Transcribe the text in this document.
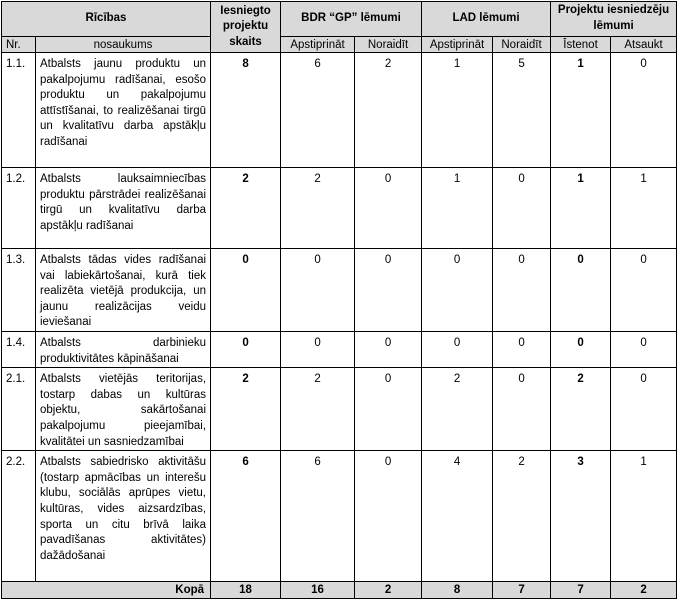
Rīcības		Iesniegto projektu skaits	BDR “GP” lēmumi		LAD lēmumi		Projektu iesniedzēju lēmumi	
Nr.	nosaukums		Apstiprināt	Noraidīt	Apstiprināt	Noraidīt	Īstenot	Atsaukt
1.1.	Atbalsts jaunu produktu un pakalpojumu radīšanai, esošo produktu un pakalpojumu attīstīšanai, to realizēšanai tirgū un kvalitatīvu darba apstākļu radīšanai	8	6	2	1	5	1	0
1.2.	Atbalsts lauksaimniecības produktu pārstrādei realizēšanai tirgū un kvalitatīvu darba apstākļu radīšanai	2	2	0	1	0	1	1
1.3.	Atbalsts tādas vides radīšanai vai labiekārtošanai, kurā tiek realizēta vietējā produkcija, un jaunu realizācijas veidu ieviešanai	0	0	0	0	0	0	0
1.4.	Atbalsts darbinieku produktivitātes kāpināšanai	0	0	0	0	0	0	0
2.1.	Atbalsts vietējās teritorijas, tostarp dabas un kultūras objektu, sakārtošanai pakalpojumu pieejamībai, kvalitātei un sasniedzamībai	2	2	0	2	0	2	0
2.2.	Atbalsts sabiedrisko aktivitāšu (tostarp apmācības un interešu klubu, sociālās aprūpes vietu, kultūras, vides aizsardzības, sporta un citu brīvā laika pavadīšanas aktivitātes) dažādošanai	6	6	0	4	2	3	1
Kopā		18	16	2	8	7	7	2
